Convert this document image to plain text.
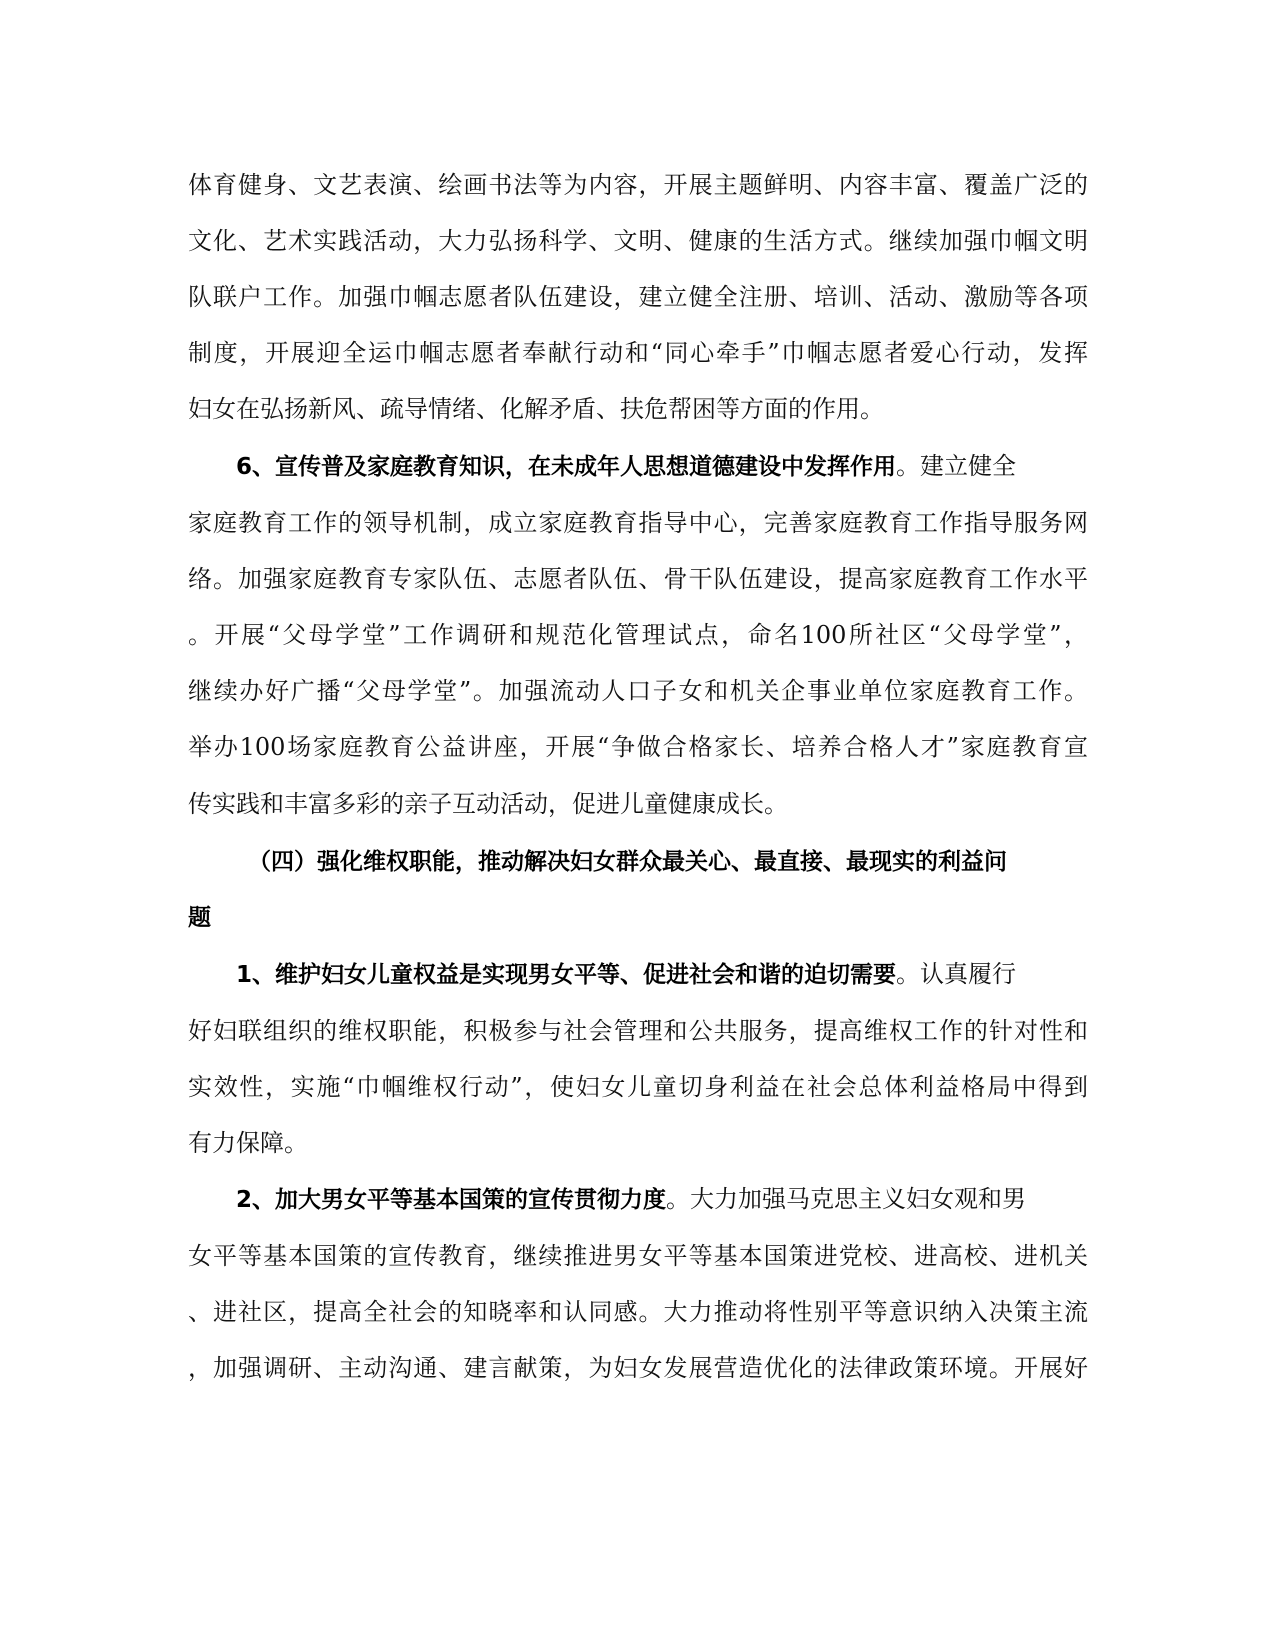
体育健身、文艺表演、绘画书法等为内容，开展主题鲜明、内容丰富、覆盖广泛的
文化、艺术实践活动，大力弘扬科学、文明、健康的生活方式。继续加强巾帼文明
队联户工作。加强巾帼志愿者队伍建设，建立健全注册、培训、活动、激励等各项
制度，开展迎全运巾帼志愿者奉献行动和“同心牵手”巾帼志愿者爱心行动，发挥
妇女在弘扬新风、疏导情绪、化解矛盾、扶危帮困等方面的作用。
6、宣传普及家庭教育知识，在未成年人思想道德建设中发挥作用。建立健全
家庭教育工作的领导机制，成立家庭教育指导中心，完善家庭教育工作指导服务网
络。加强家庭教育专家队伍、志愿者队伍、骨干队伍建设，提高家庭教育工作水平
。开展“父母学堂”工作调研和规范化管理试点，命名100所社区“父母学堂”，
继续办好广播“父母学堂”。加强流动人口子女和机关企事业单位家庭教育工作。
举办100场家庭教育公益讲座，开展“争做合格家长、培养合格人才”家庭教育宣
传实践和丰富多彩的亲子互动活动，促进儿童健康成长。
（四）强化维权职能，推动解决妇女群众最关心、最直接、最现实的利益问
题
1、维护妇女儿童权益是实现男女平等、促进社会和谐的迫切需要。认真履行
好妇联组织的维权职能，积极参与社会管理和公共服务，提高维权工作的针对性和
实效性，实施“巾帼维权行动”，使妇女儿童切身利益在社会总体利益格局中得到
有力保障。
2、加大男女平等基本国策的宣传贯彻力度。大力加强马克思主义妇女观和男
女平等基本国策的宣传教育，继续推进男女平等基本国策进党校、进高校、进机关
、进社区，提高全社会的知晓率和认同感。大力推动将性别平等意识纳入决策主流
，加强调研、主动沟通、建言献策，为妇女发展营造优化的法律政策环境。开展好
